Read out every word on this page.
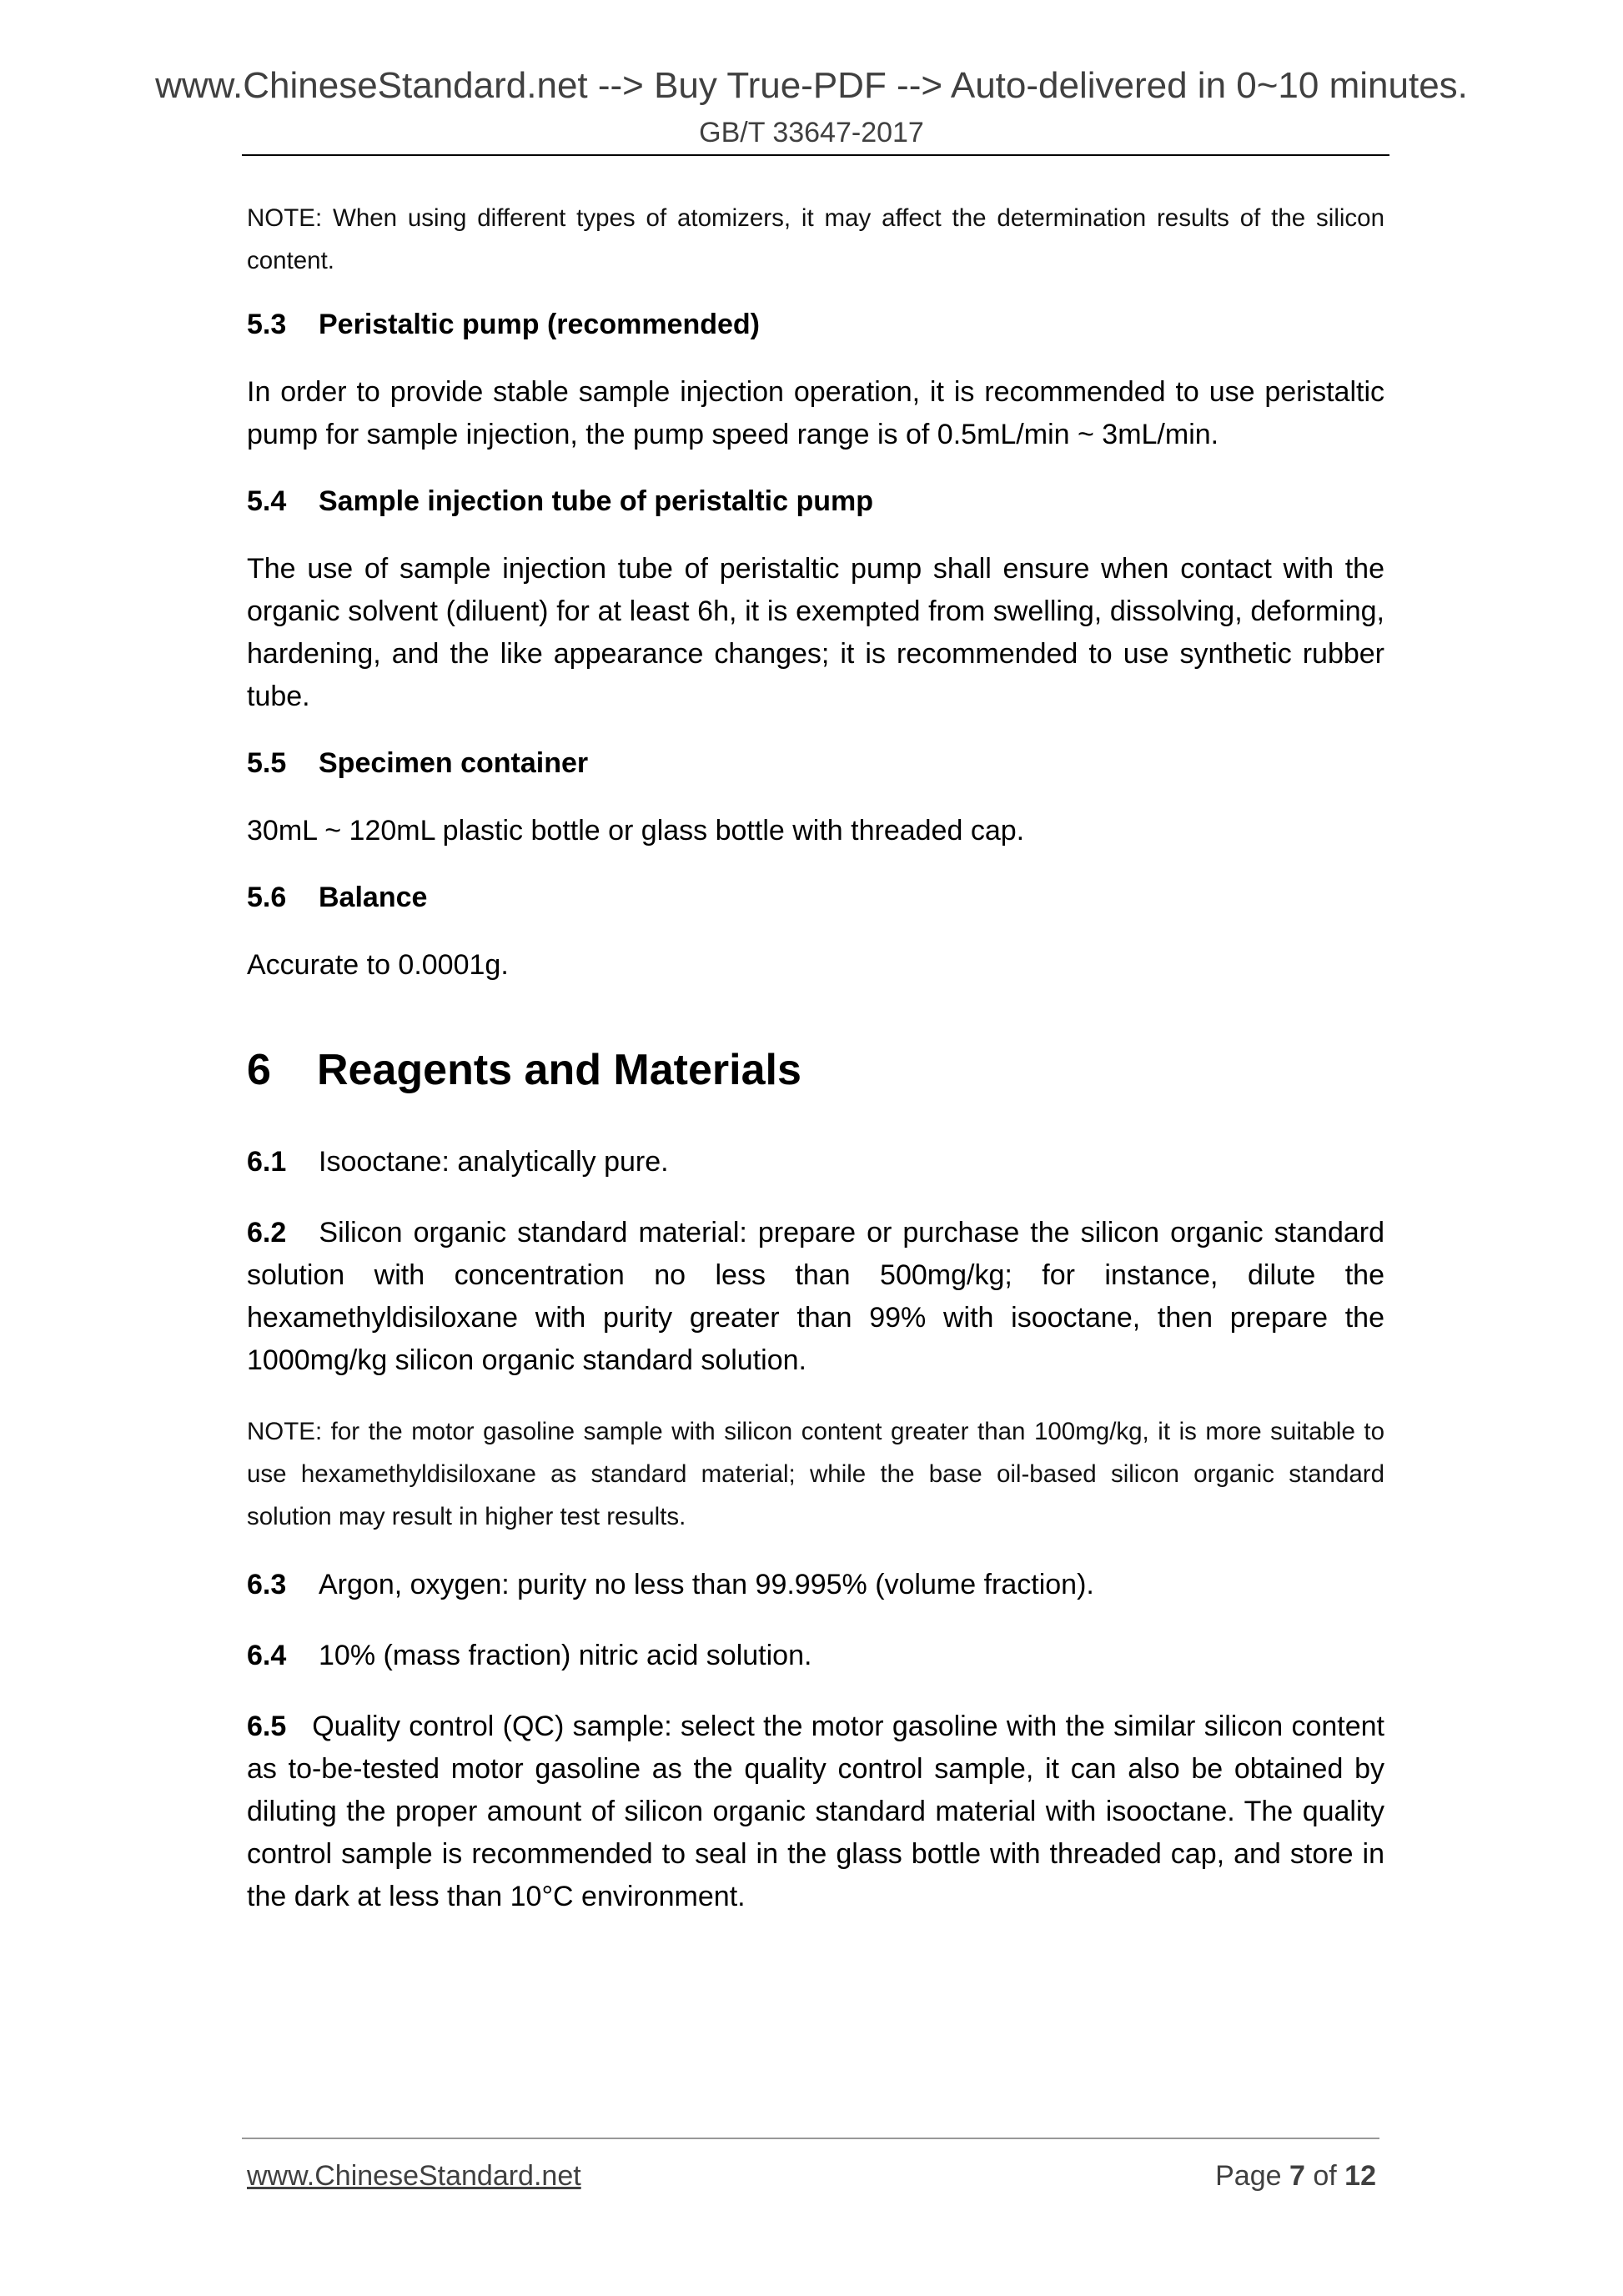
www.ChineseStandard.net --> Buy True-PDF --> Auto-delivered in 0~10 minutes.
GB/T 33647-2017

NOTE: When using different types of atomizers, it may affect the determination results of the silicon content.

5.3 Peristaltic pump (recommended)

In order to provide stable sample injection operation, it is recommended to use peristaltic pump for sample injection, the pump speed range is of 0.5mL/min ~ 3mL/min.

5.4 Sample injection tube of peristaltic pump

The use of sample injection tube of peristaltic pump shall ensure when contact with the organic solvent (diluent) for at least 6h, it is exempted from swelling, dissolving, deforming, hardening, and the like appearance changes; it is recommended to use synthetic rubber tube.

5.5 Specimen container

30mL ~ 120mL plastic bottle or glass bottle with threaded cap.

5.6 Balance

Accurate to 0.0001g.

6 Reagents and Materials

6.1 Isooctane: analytically pure.

6.2 Silicon organic standard material: prepare or purchase the silicon organic standard solution with concentration no less than 500mg/kg; for instance, dilute the hexamethyldisiloxane with purity greater than 99% with isooctane, then prepare the 1000mg/kg silicon organic standard solution.

NOTE: for the motor gasoline sample with silicon content greater than 100mg/kg, it is more suitable to use hexamethyldisiloxane as standard material; while the base oil-based silicon organic standard solution may result in higher test results.

6.3 Argon, oxygen: purity no less than 99.995% (volume fraction).

6.4 10% (mass fraction) nitric acid solution.

6.5 Quality control (QC) sample: select the motor gasoline with the similar silicon content as to-be-tested motor gasoline as the quality control sample, it can also be obtained by diluting the proper amount of silicon organic standard material with isooctane. The quality control sample is recommended to seal in the glass bottle with threaded cap, and store in the dark at less than 10°C environment.

www.ChineseStandard.net	Page 7 of 12
